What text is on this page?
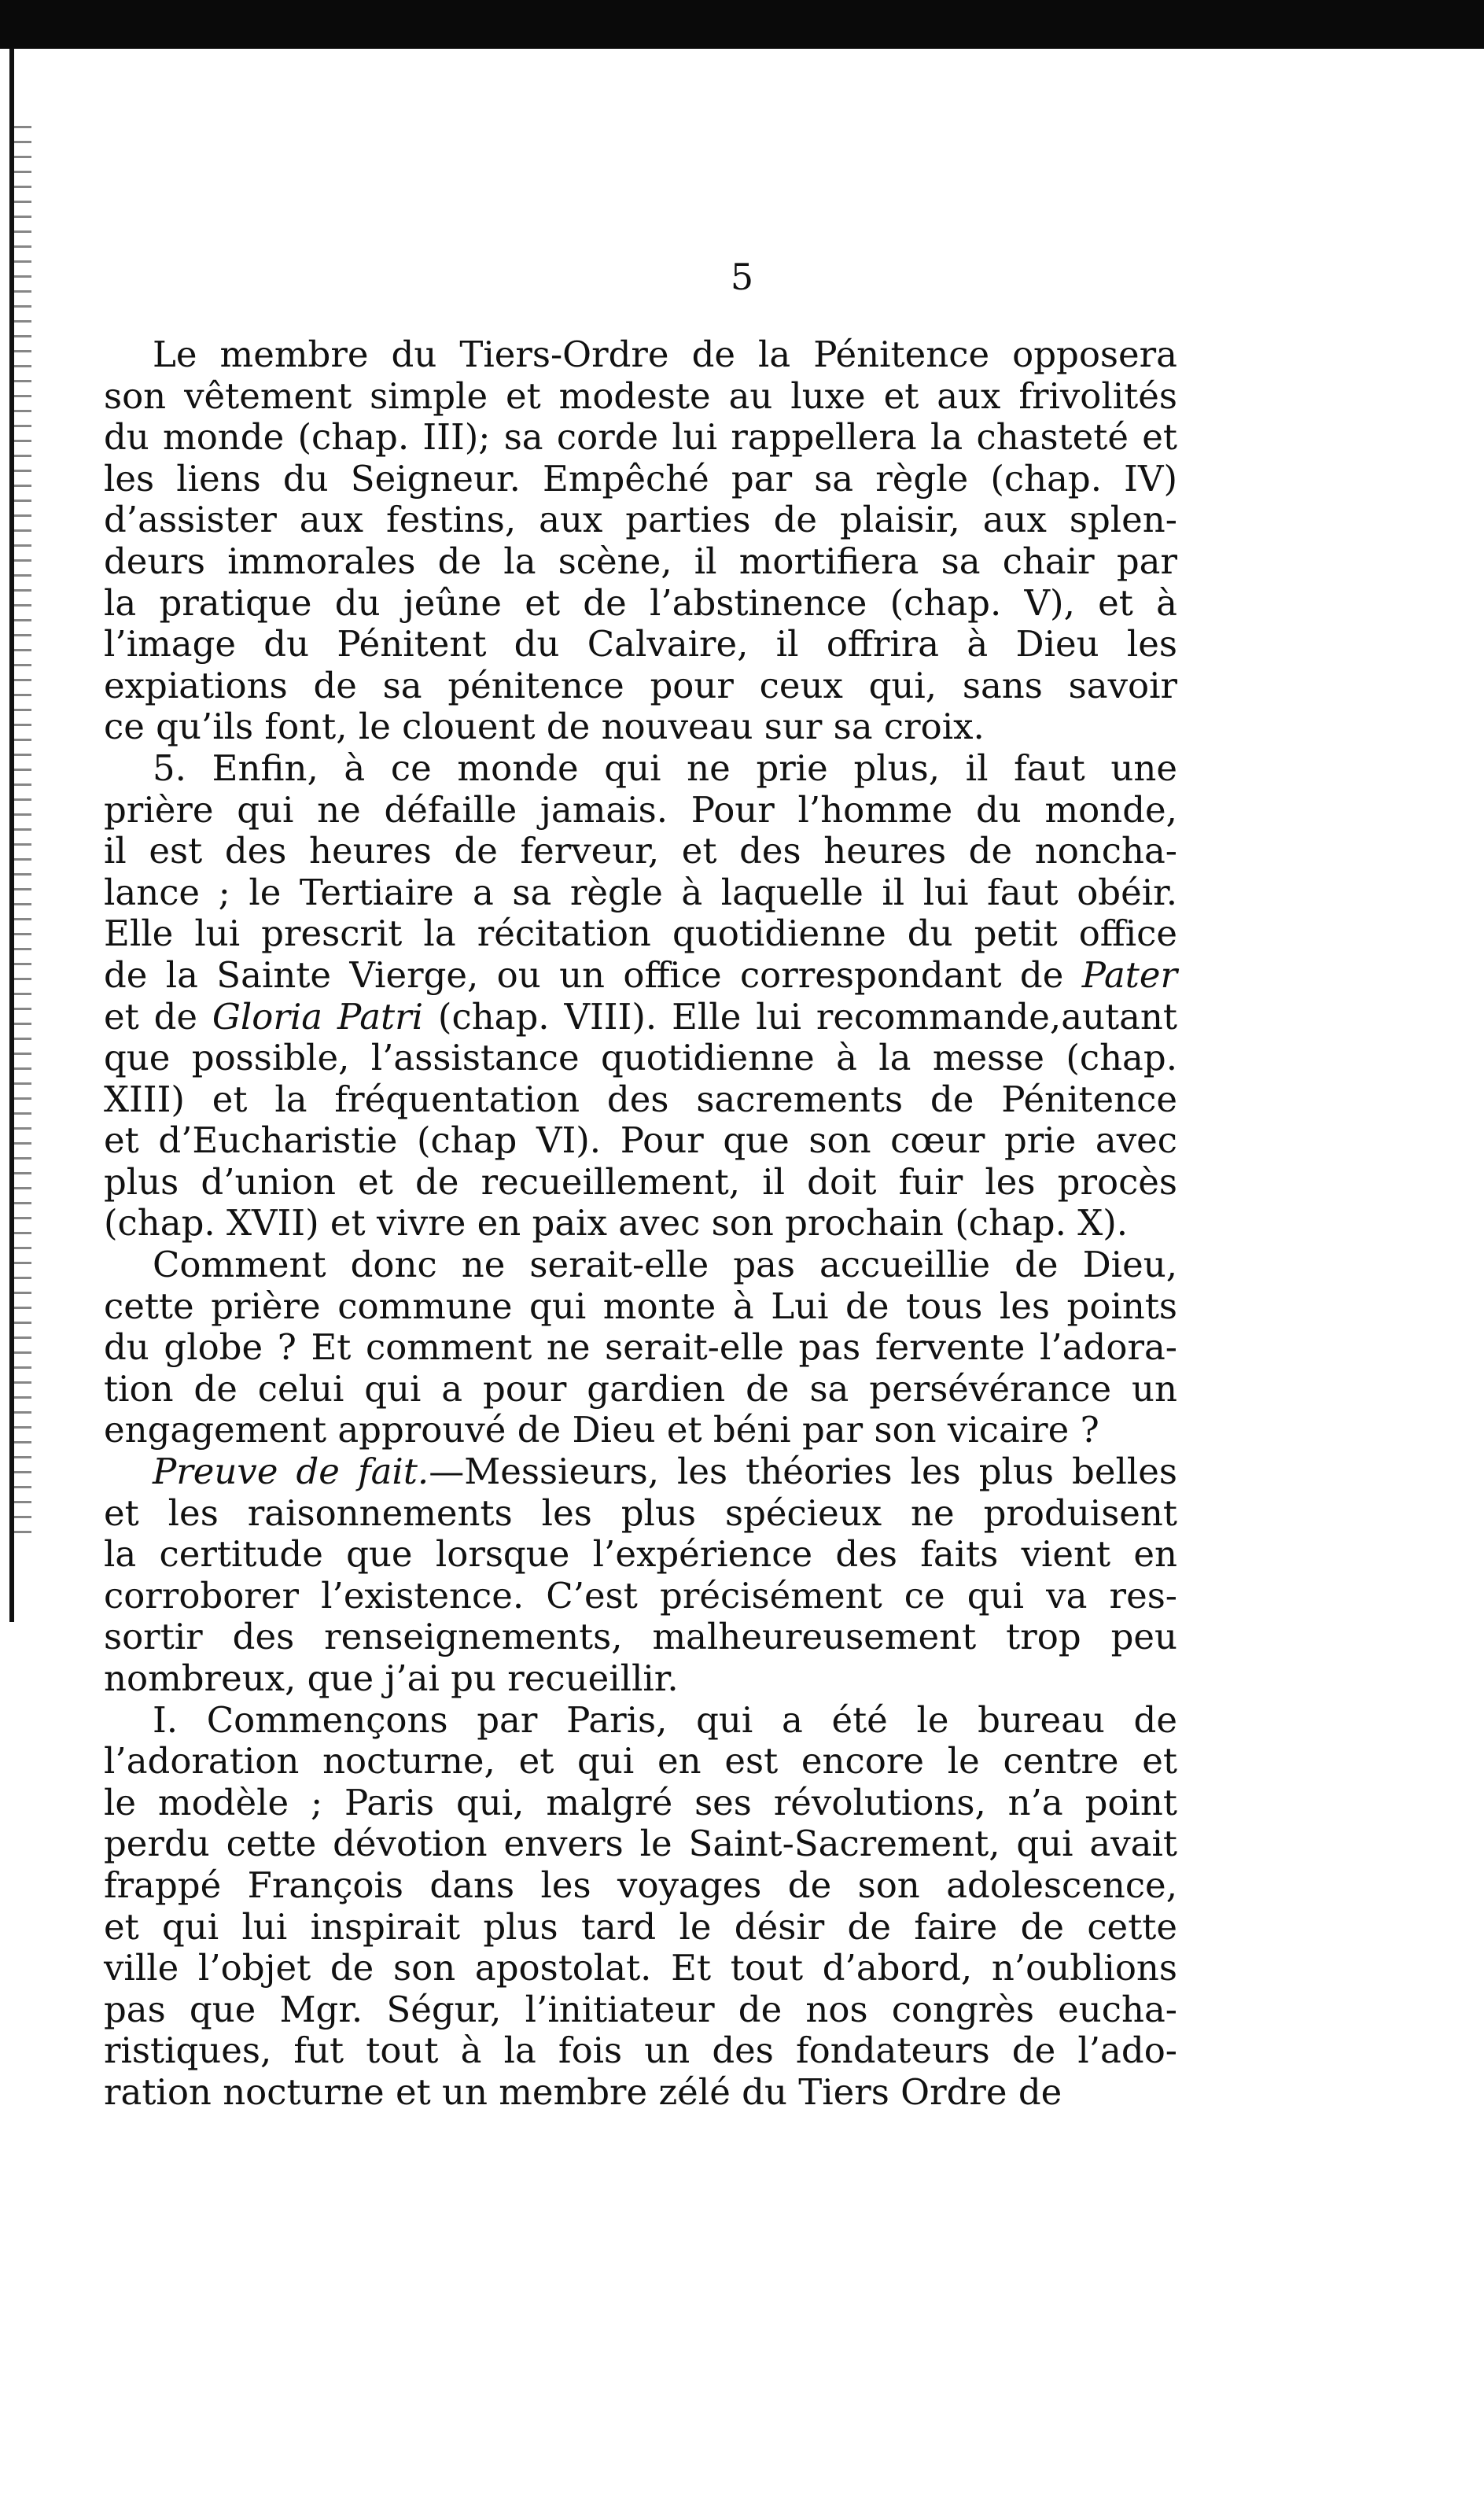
5
Le membre du Tiers-Ordre de la Pénitence opposera
son vêtement simple et modeste au luxe et aux frivolités
du monde (chap. III); sa corde lui rappellera la chasteté et
les liens du Seigneur. Empêché par sa règle (chap. IV)
d’assister aux festins, aux parties de plaisir, aux splen-
deurs immorales de la scène, il mortifiera sa chair par
la pratique du jeûne et de l’abstinence (chap. V), et à
l’image du Pénitent du Calvaire, il offrira à Dieu les
expiations de sa pénitence pour ceux qui, sans savoir
ce qu’ils font, le clouent de nouveau sur sa croix.
5. Enfin, à ce monde qui ne prie plus, il faut une
prière qui ne défaille jamais. Pour l’homme du monde,
il est des heures de ferveur, et des heures de noncha-
lance ; le Tertiaire a sa règle à laquelle il lui faut obéir.
Elle lui prescrit la récitation quotidienne du petit office
de la Sainte Vierge, ou un office correspondant de Pater
et de Gloria Patri (chap. VIII). Elle lui recommande,autant
que possible, l’assistance quotidienne à la messe (chap.
XIII) et la fréquentation des sacrements de Pénitence
et d’Eucharistie (chap VI). Pour que son cœur prie avec
plus d’union et de recueillement, il doit fuir les procès
(chap. XVII) et vivre en paix avec son prochain (chap. X).
Comment donc ne serait-elle pas accueillie de Dieu,
cette prière commune qui monte à Lui de tous les points
du globe ? Et comment ne serait-elle pas fervente l’adora-
tion de celui qui a pour gardien de sa persévérance un
engagement approuvé de Dieu et béni par son vicaire ?
Preuve de fait.—Messieurs, les théories les plus belles
et les raisonnements les plus spécieux ne produisent
la certitude que lorsque l’expérience des faits vient en
corroborer l’existence. C’est précisément ce qui va res-
sortir des renseignements, malheureusement trop peu
nombreux, que j’ai pu recueillir.
I. Commençons par Paris, qui a été le bureau de
l’adoration nocturne, et qui en est encore le centre et
le modèle ; Paris qui, malgré ses révolutions, n’a point
perdu cette dévotion envers le Saint-Sacrement, qui avait
frappé François dans les voyages de son adolescence,
et qui lui inspirait plus tard le désir de faire de cette
ville l’objet de son apostolat. Et tout d’abord, n’oublions
pas que Mgr. Ségur, l’initiateur de nos congrès eucha-
ristiques, fut tout à la fois un des fondateurs de l’ado-
ration nocturne et un membre zélé du Tiers Ordre de
